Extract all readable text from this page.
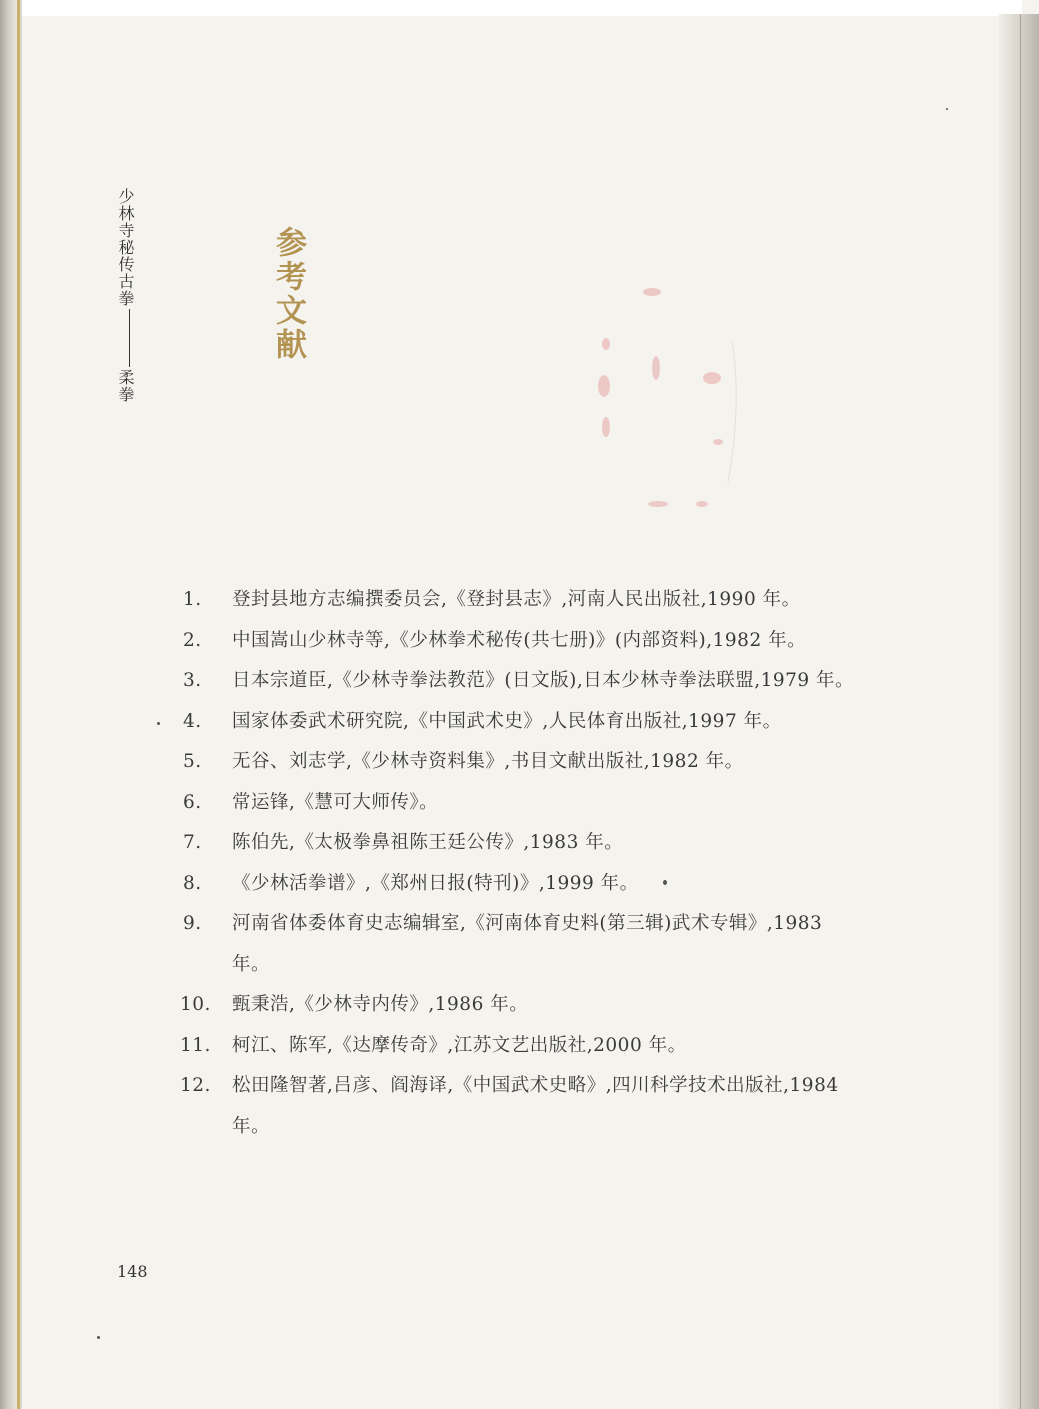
少林寺秘传古拳柔拳
参考文献
1. 登封县地方志编撰委员会,《登封县志》,河南人民出版社,1990 年。
2. 中国嵩山少林寺等,《少林拳术秘传(共七册)》(内部资料),1982 年。
3. 日本宗道臣,《少林寺拳法教范》(日文版),日本少林寺拳法联盟,1979 年。
4. 国家体委武术研究院,《中国武术史》,人民体育出版社,1997 年。
5. 无谷、刘志学,《少林寺资料集》,书目文献出版社,1982 年。
6. 常运锋,《慧可大师传》。
7. 陈伯先,《太极拳鼻祖陈王廷公传》,1983 年。
8. 《少林活拳谱》,《郑州日报(特刊)》,1999 年。
9. 河南省体委体育史志编辑室,《河南体育史料(第三辑)武术专辑》,1983 年。
10. 甄秉浩,《少林寺内传》,1986 年。
11. 柯江、陈军,《达摩传奇》,江苏文艺出版社,2000 年。
12. 松田隆智著,吕彦、阎海译,《中国武术史略》,四川科学技术出版社,1984 年。
148
